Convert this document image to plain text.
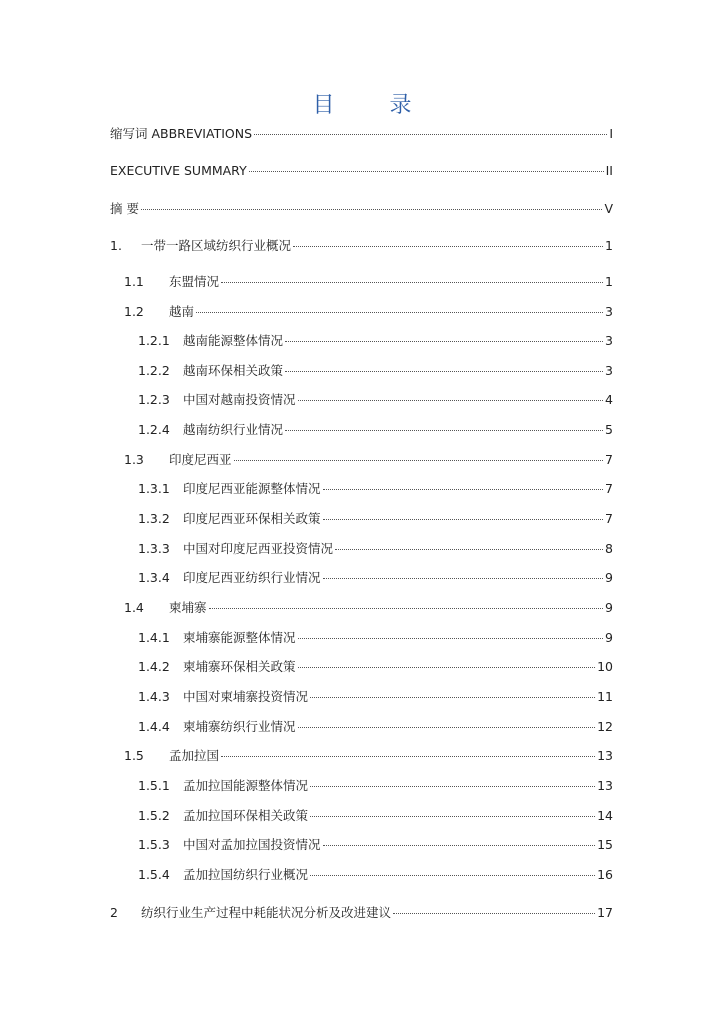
目 录
缩写词 ABBREVIATIONS	I
EXECUTIVE SUMMARY	II
摘 要	V
1. 一带一路区域纺织行业概况	1
1.1 东盟情况	1
1.2 越南	3
1.2.1 越南能源整体情况	3
1.2.2 越南环保相关政策	3
1.2.3 中国对越南投资情况	4
1.2.4 越南纺织行业情况	5
1.3 印度尼西亚	7
1.3.1 印度尼西亚能源整体情况	7
1.3.2 印度尼西亚环保相关政策	7
1.3.3 中国对印度尼西亚投资情况	8
1.3.4 印度尼西亚纺织行业情况	9
1.4 柬埔寨	9
1.4.1 柬埔寨能源整体情况	9
1.4.2 柬埔寨环保相关政策	10
1.4.3 中国对柬埔寨投资情况	11
1.4.4 柬埔寨纺织行业情况	12
1.5 孟加拉国	13
1.5.1 孟加拉国能源整体情况	13
1.5.2 孟加拉国环保相关政策	14
1.5.3 中国对孟加拉国投资情况	15
1.5.4 孟加拉国纺织行业概况	16
2 纺织行业生产过程中耗能状况分析及改进建议	17
